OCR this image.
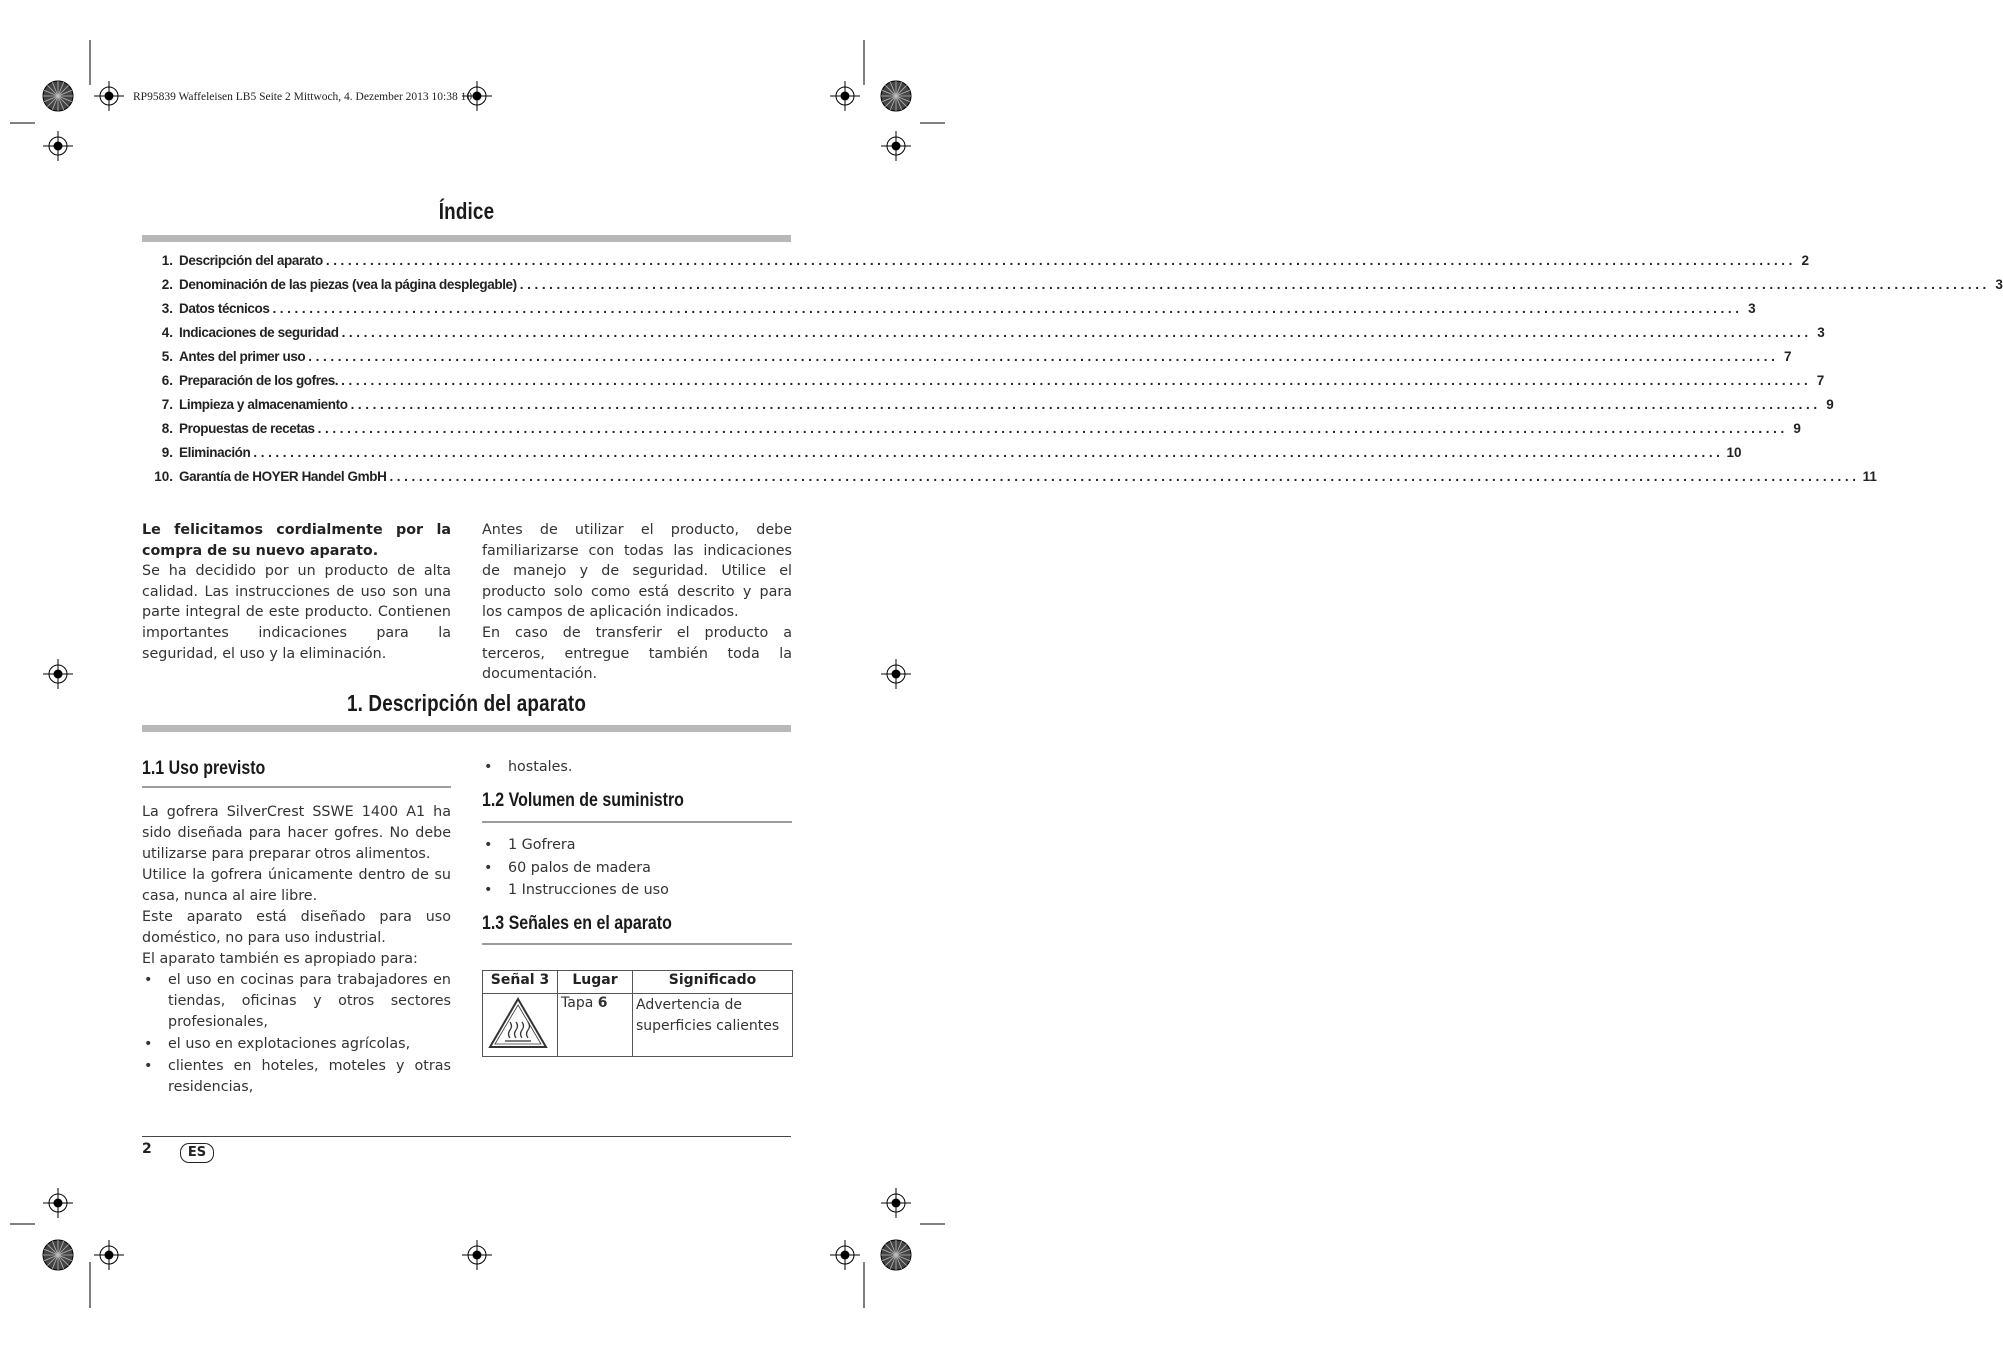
RP95839 Waffeleisen LB5 Seite 2 Mittwoch, 4. Dezember 2013 10:38 10
Índice
1. Descripción del aparato ........................................................................................................................................................................................................ 2
2. Denominación de las piezas (vea la página desplegable) ........................................................................................................................................................................................................ 3
3. Datos técnicos ........................................................................................................................................................................................................ 3
4. Indicaciones de seguridad ........................................................................................................................................................................................................ 3
5. Antes del primer uso ........................................................................................................................................................................................................ 7
6. Preparación de los gofres. ........................................................................................................................................................................................................ 7
7. Limpieza y almacenamiento ........................................................................................................................................................................................................ 9
8. Propuestas de recetas ........................................................................................................................................................................................................ 9
9. Eliminación ........................................................................................................................................................................................................ 10
10. Garantía de HOYER Handel GmbH ........................................................................................................................................................................................................ 11

Le felicitamos cordialmente por la compra de su nuevo aparato.

Se ha decidido por un producto de alta calidad. Las instrucciones de uso son una parte integral de este producto. Contienen importantes indicaciones para la seguridad, el uso y la eliminación.

Antes de utilizar el producto, debe familiarizarse con todas las indicaciones de manejo y de seguridad. Utilice el producto solo como está descrito y para los campos de aplicación indicados.

En caso de transferir el producto a terceros, entregue también toda la documentación.

1. Descripción del aparato
1.1 Uso previsto

La gofrera SilverCrest SSWE 1400 A1 ha sido diseñada para hacer gofres. No debe utilizarse para preparar otros alimentos.

Utilice la gofrera únicamente dentro de su casa, nunca al aire libre.

Este aparato está diseñado para uso doméstico, no para uso industrial.

El aparato también es apropiado para:

• el uso en cocinas para trabajadores en tiendas, oficinas y otros sectores profesionales,
• el uso en explotaciones agrícolas,
• clientes en hoteles, moteles y otras residencias,
• hostales.
1.2 Volumen de suministro
• 1 Gofrera
• 60 palos de madera
• 1 Instrucciones de uso
1.3 Señales en el aparato
Señal 3	Lugar	Significado
	Tapa 6	Advertencia de superficies calientes
2	ES
